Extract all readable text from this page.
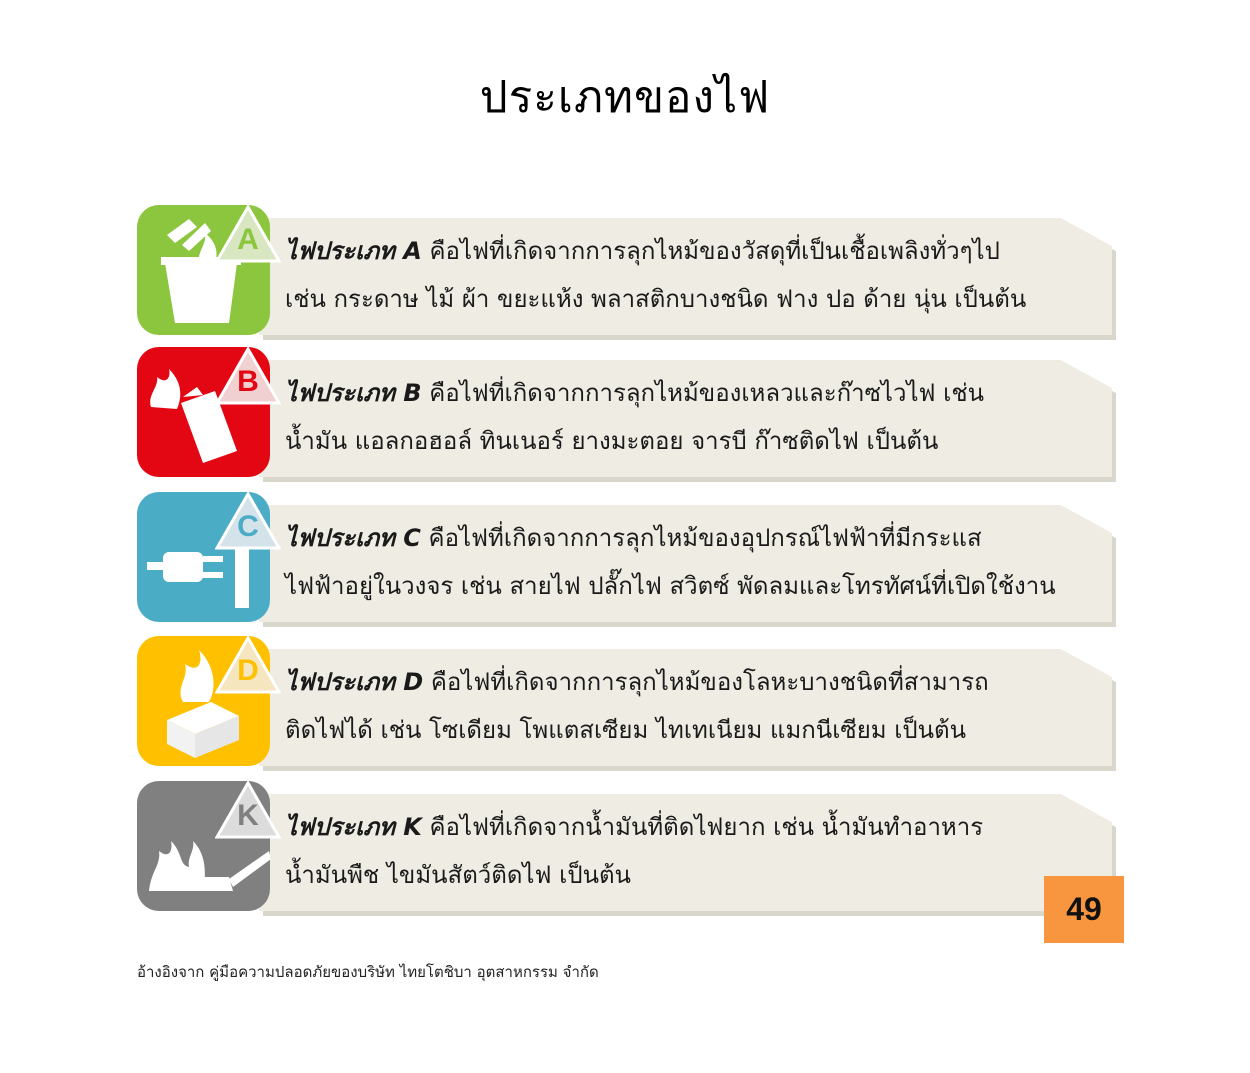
ประเภทของไฟ
A	ไฟประเภท A คือไฟที่เกิดจากการลุกไหม้ของวัสดุที่เป็นเชื้อเพลิงทั่วๆไป
เช่น กระดาษ ไม้ ผ้า ขยะแห้ง พลาสติกบางชนิด ฟาง ปอ ด้าย นุ่น เป็นต้น

B	ไฟประเภท B คือไฟที่เกิดจากการลุกไหม้ของเหลวและก๊าซไวไฟ เช่น
น้ำมัน แอลกอฮอล์ ทินเนอร์ ยางมะตอย จารบี ก๊าซติดไฟ เป็นต้น

C	ไฟประเภท C คือไฟที่เกิดจากการลุกไหม้ของอุปกรณ์ไฟฟ้าที่มีกระแส
ไฟฟ้าอยู่ในวงจร เช่น สายไฟ ปลั๊กไฟ สวิตซ์ พัดลมและโทรทัศน์ที่เปิดใช้งาน

D	ไฟประเภท D คือไฟที่เกิดจากการลุกไหม้ของโลหะบางชนิดที่สามารถ
ติดไฟได้ เช่น โซเดียม โพแตสเซียม ไทเทเนียม แมกนีเซียม เป็นต้น

K	ไฟประเภท K คือไฟที่เกิดจากน้ำมันที่ติดไฟยาก เช่น น้ำมันทำอาหาร
น้ำมันพืช ไขมันสัตว์ติดไฟ เป็นต้น

49
อ้างอิงจาก คู่มือความปลอดภัยของบริษัท ไทยโตชิบา อุตสาหกรรม จำกัด
